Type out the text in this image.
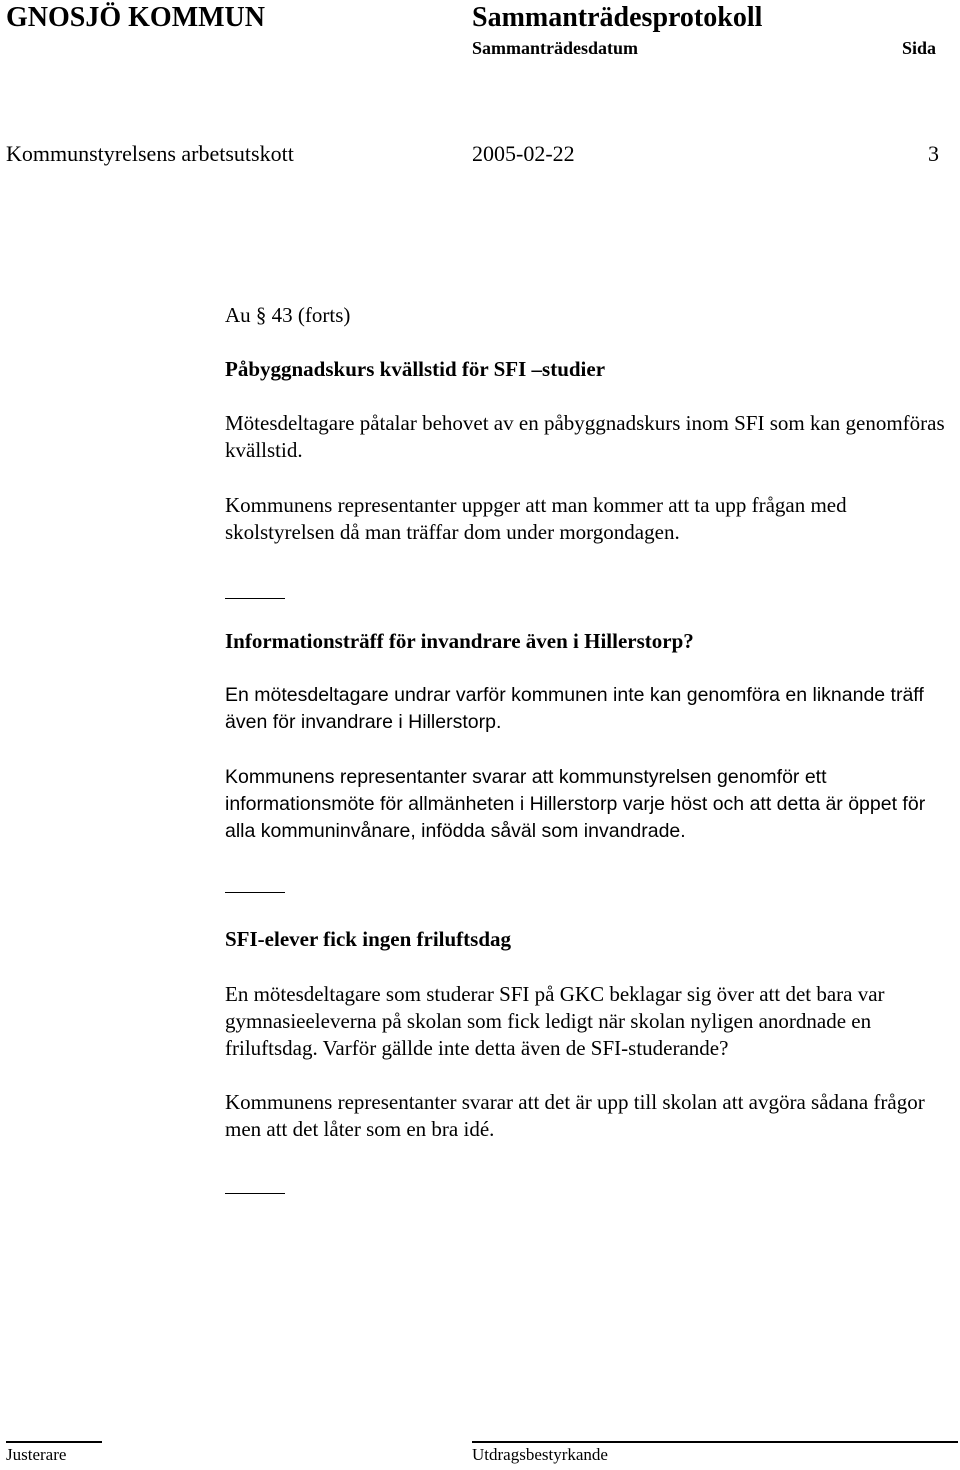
GNOSJÖ KOMMUN	Sammanträdesprotokoll
Sammanträdesdatum	Sida
Kommunstyrelsens arbetsutskott	2005-02-22	3
Au § 43 (forts)
Påbyggnadskurs kvällstid för SFI –studier
Mötesdeltagare påtalar behovet av en påbyggnadskurs inom SFI som kan genomföras kvällstid.
Kommunens representanter uppger att man kommer att ta upp frågan med skolstyrelsen då man träffar dom under morgondagen.
Informationsträff för invandrare även i Hillerstorp?
En mötesdeltagare undrar varför kommunen inte kan genomföra en liknande träff även för invandrare i Hillerstorp.
Kommunens representanter svarar att kommunstyrelsen genomför ett informationsmöte för allmänheten i Hillerstorp varje höst och att detta är öppet för alla kommuninvånare, infödda såväl som invandrade.
SFI-elever fick ingen friluftsdag
En mötesdeltagare som studerar SFI på GKC beklagar sig över att det bara var gymnasieeleverna på skolan som fick ledigt när skolan nyligen anordnade en friluftsdag. Varför gällde inte detta även de SFI-studerande?
Kommunens representanter svarar att det är upp till skolan att avgöra sådana frågor men att det låter som en bra idé.
Justerare	Utdragsbestyrkande
